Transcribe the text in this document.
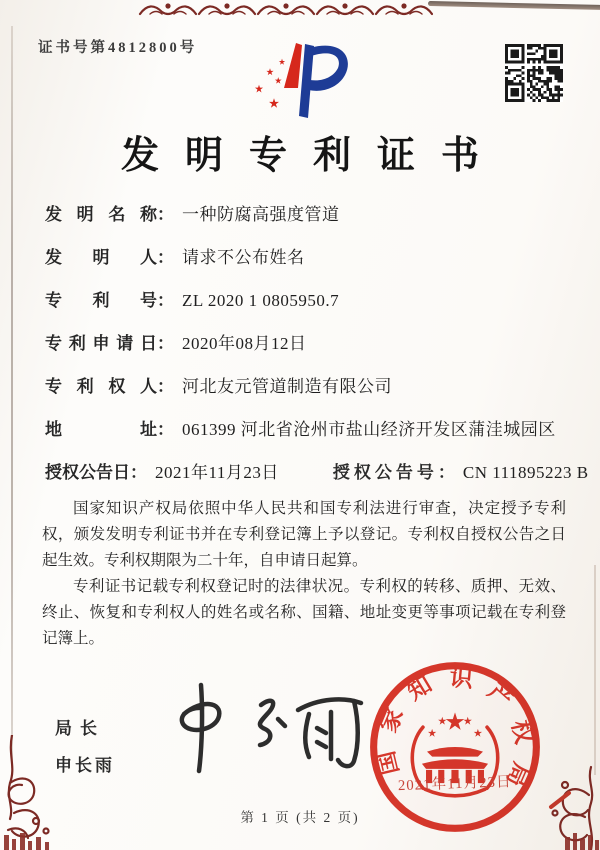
证书号第4812800号
发明专利证书
发明名称 ： 一种防腐高强度管道
发明人 ： 请求不公布姓名
专利号 ： ZL 2020 1 0805950.7
专利申请日 ： 2020年08月12日
专利权人 ： 河北友元管道制造有限公司
地址 ： 061399 河北省沧州市盐山经济开发区蒲洼城园区
授权公告日 ： 2021年11月23日	授权公告号 ： CN 111895223 B

国家知识产权局依照中华人民共和国专利法进行审查，决定授予专利权，颁发发明专利证书并在专利登记簿上予以登记。专利权自授权公告之日起生效。专利权期限为二十年，自申请日起算。

专利证书记载专利权登记时的法律状况。专利权的转移、质押、无效、终止、恢复和专利权人的姓名或名称、国籍、地址变更等事项记载在专利登记簿上。

局长
申长雨	国家知识产权局
2021年11月23日
第 1 页 (共 2 页)
